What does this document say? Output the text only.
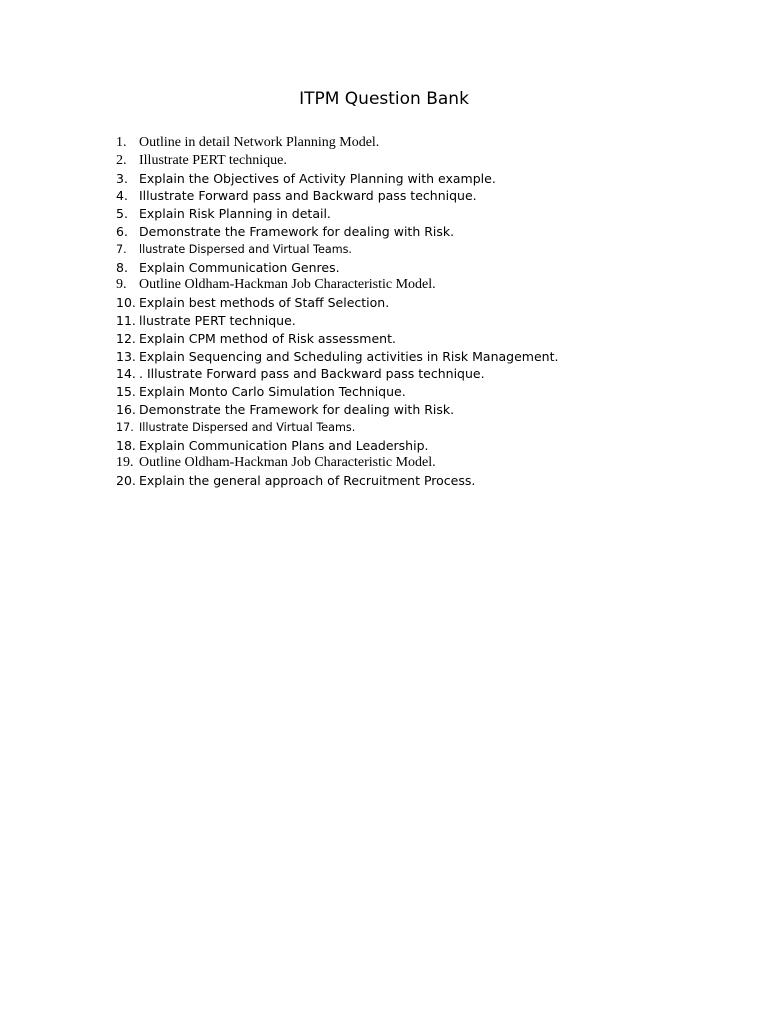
ITPM Question Bank
1. Outline in detail Network Planning Model.
2. Illustrate PERT technique.
3. Explain the Objectives of Activity Planning with example.
4. Illustrate Forward pass and Backward pass technique.
5. Explain Risk Planning in detail.
6. Demonstrate the Framework for dealing with Risk.
7. llustrate Dispersed and Virtual Teams.
8. Explain Communication Genres.
9. Outline Oldham-Hackman Job Characteristic Model.
10. Explain best methods of Staff Selection.
11. llustrate PERT technique.
12. Explain CPM method of Risk assessment.
13. Explain Sequencing and Scheduling activities in Risk Management.
14. . Illustrate Forward pass and Backward pass technique.
15. Explain Monto Carlo Simulation Technique.
16. Demonstrate the Framework for dealing with Risk.
17. Illustrate Dispersed and Virtual Teams.
18. Explain Communication Plans and Leadership.
19. Outline Oldham-Hackman Job Characteristic Model.
20. Explain the general approach of Recruitment Process.
